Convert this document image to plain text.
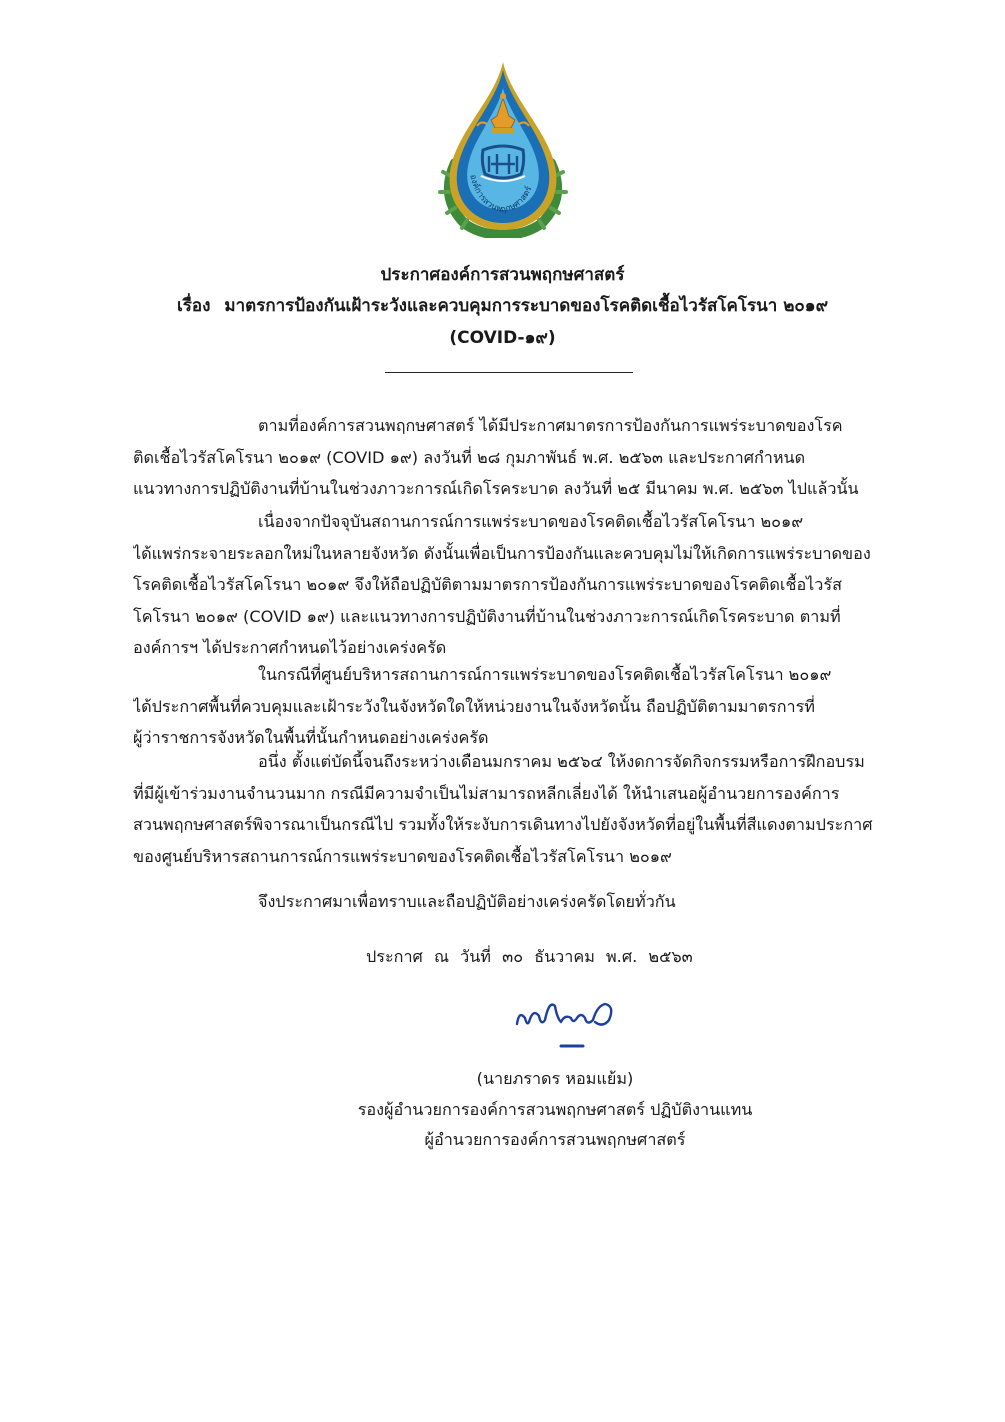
องค์การสวนพฤกษศาสตร์
ประกาศองค์การสวนพฤกษศาสตร์
เรื่อง มาตรการป้องกันเฝ้าระวังและควบคุมการระบาดของโรคติดเชื้อไวรัสโคโรนา ๒๐๑๙
(COVID-๑๙)
ตามที่องค์การสวนพฤกษศาสตร์ ได้มีประกาศมาตรการป้องกันการแพร่ระบาดของโรค
ติดเชื้อไวรัสโคโรนา ๒๐๑๙ (COVID ๑๙) ลงวันที่ ๒๘ กุมภาพันธ์ พ.ศ. ๒๕๖๓ และประกาศกำหนด
แนวทางการปฏิบัติงานที่บ้านในช่วงภาวะการณ์เกิดโรคระบาด ลงวันที่ ๒๕ มีนาคม พ.ศ. ๒๕๖๓ ไปแล้วนั้น
เนื่องจากปัจจุบันสถานการณ์การแพร่ระบาดของโรคติดเชื้อไวรัสโคโรนา ๒๐๑๙
ได้แพร่กระจายระลอกใหม่ในหลายจังหวัด ดังนั้นเพื่อเป็นการป้องกันและควบคุมไม่ให้เกิดการแพร่ระบาดของ
โรคติดเชื้อไวรัสโคโรนา ๒๐๑๙ จึงให้ถือปฏิบัติตามมาตรการป้องกันการแพร่ระบาดของโรคติดเชื้อไวรัส
โคโรนา ๒๐๑๙ (COVID ๑๙) และแนวทางการปฏิบัติงานที่บ้านในช่วงภาวะการณ์เกิดโรคระบาด ตามที่
องค์การฯ ได้ประกาศกำหนดไว้อย่างเคร่งครัด
ในกรณีที่ศูนย์บริหารสถานการณ์การแพร่ระบาดของโรคติดเชื้อไวรัสโคโรนา ๒๐๑๙
ได้ประกาศพื้นที่ควบคุมและเฝ้าระวังในจังหวัดใดให้หน่วยงานในจังหวัดนั้น ถือปฏิบัติตามมาตรการที่
ผู้ว่าราชการจังหวัดในพื้นที่นั้นกำหนดอย่างเคร่งครัด
อนึ่ง ตั้งแต่บัดนี้จนถึงระหว่างเดือนมกราคม ๒๕๖๔ ให้งดการจัดกิจกรรมหรือการฝึกอบรม
ที่มีผู้เข้าร่วมงานจำนวนมาก กรณีมีความจำเป็นไม่สามารถหลีกเลี่ยงได้ ให้นำเสนอผู้อำนวยการองค์การ
สวนพฤกษศาสตร์พิจารณาเป็นกรณีไป รวมทั้งให้ระงับการเดินทางไปยังจังหวัดที่อยู่ในพื้นที่สีแดงตามประกาศ
ของศูนย์บริหารสถานการณ์การแพร่ระบาดของโรคติดเชื้อไวรัสโคโรนา ๒๐๑๙
จึงประกาศมาเพื่อทราบและถือปฏิบัติอย่างเคร่งครัดโดยทั่วกัน
ประกาศ ณ วันที่ ๓๐ ธันวาคม พ.ศ. ๒๕๖๓
(นายภราดร หอมแย้ม)
รองผู้อำนวยการองค์การสวนพฤกษศาสตร์ ปฏิบัติงานแทน
ผู้อำนวยการองค์การสวนพฤกษศาสตร์
